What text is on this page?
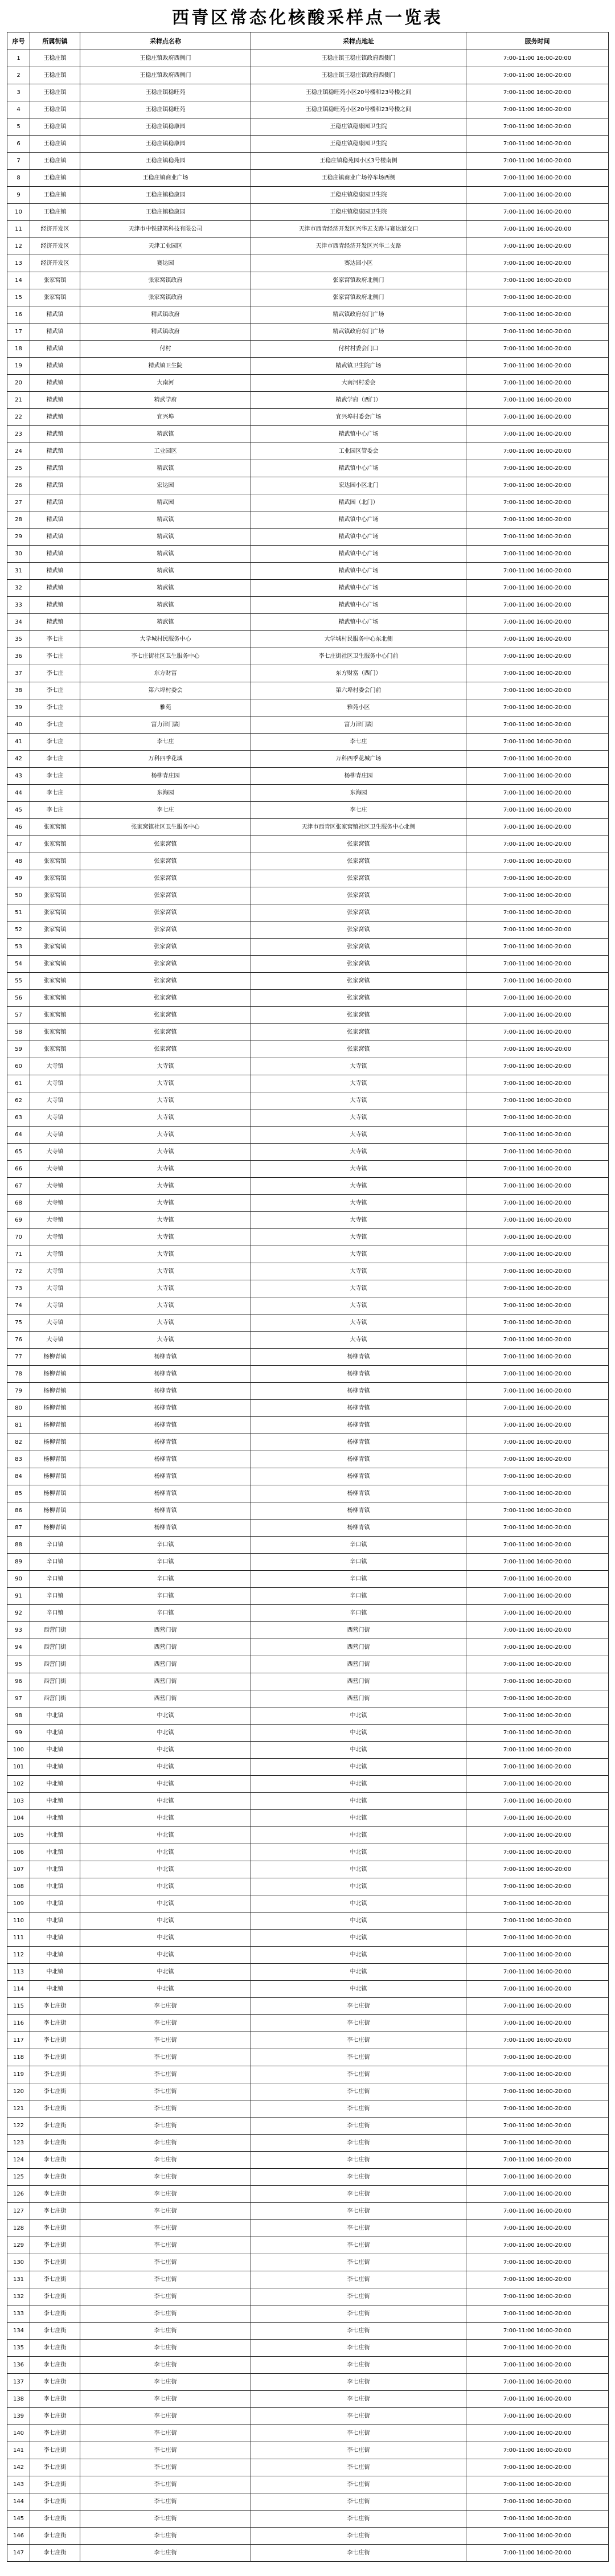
西青区常态化核酸采样点一览表
序号	所属街镇	采样点名称	采样点地址	服务时间
1	王稳庄镇	王稳庄镇政府西侧门	王稳庄镇王稳庄镇政府西侧门	7:00-11:00 16:00-20:00
2	王稳庄镇	王稳庄镇政府西侧门	王稳庄镇王稳庄镇政府西侧门	7:00-11:00 16:00-20:00
3	王稳庄镇	王稳庄镇稳旺苑	王稳庄镇稳旺苑小区20号楼和23号楼之间	7:00-11:00 16:00-20:00
4	王稳庄镇	王稳庄镇稳旺苑	王稳庄镇稳旺苑小区20号楼和23号楼之间	7:00-11:00 16:00-20:00
5	王稳庄镇	王稳庄镇稳康园	王稳庄镇稳康园卫生院	7:00-11:00 16:00-20:00
6	王稳庄镇	王稳庄镇稳康园	王稳庄镇稳康园卫生院	7:00-11:00 16:00-20:00
7	王稳庄镇	王稳庄镇稳苑园	王稳庄镇稳苑园小区3号楼南侧	7:00-11:00 16:00-20:00
8	王稳庄镇	王稳庄镇商业广场	王稳庄镇商业广场停车场西侧	7:00-11:00 16:00-20:00
9	王稳庄镇	王稳庄镇稳康园	王稳庄镇稳康园卫生院	7:00-11:00 16:00-20:00
10	王稳庄镇	王稳庄镇稳康园	王稳庄镇稳康园卫生院	7:00-11:00 16:00-20:00
11	经济开发区	天津市中铁建筑科技有限公司	天津市西青经济开发区兴华五支路与赛达道交口	7:00-11:00 16:00-20:00
12	经济开发区	天津工业园区	天津市西青经济开发区兴华二支路	7:00-11:00 16:00-20:00
13	经济开发区	赛达园	赛达园小区	7:00-11:00 16:00-20:00
14	张家窝镇	张家窝镇政府	张家窝镇政府北侧门	7:00-11:00 16:00-20:00
15	张家窝镇	张家窝镇政府	张家窝镇政府北侧门	7:00-11:00 16:00-20:00
16	精武镇	精武镇政府	精武镇政府东门广场	7:00-11:00 16:00-20:00
17	精武镇	精武镇政府	精武镇政府东门广场	7:00-11:00 16:00-20:00
18	精武镇	付村	付村村委会门口	7:00-11:00 16:00-20:00
19	精武镇	精武镇卫生院	精武镇卫生院广场	7:00-11:00 16:00-20:00
20	精武镇	大南河	大南河村委会	7:00-11:00 16:00-20:00
21	精武镇	精武学府	精武学府（西门）	7:00-11:00 16:00-20:00
22	精武镇	宜兴埠	宜兴埠村委会广场	7:00-11:00 16:00-20:00
23	精武镇	精武镇	精武镇中心广场	7:00-11:00 16:00-20:00
24	精武镇	工业园区	工业园区管委会	7:00-11:00 16:00-20:00
25	精武镇	精武镇	精武镇中心广场	7:00-11:00 16:00-20:00
26	精武镇	宏达园	宏达园小区北门	7:00-11:00 16:00-20:00
27	精武镇	精武园	精武园（北门）	7:00-11:00 16:00-20:00
28	精武镇	精武镇	精武镇中心广场	7:00-11:00 16:00-20:00
29	精武镇	精武镇	精武镇中心广场	7:00-11:00 16:00-20:00
30	精武镇	精武镇	精武镇中心广场	7:00-11:00 16:00-20:00
31	精武镇	精武镇	精武镇中心广场	7:00-11:00 16:00-20:00
32	精武镇	精武镇	精武镇中心广场	7:00-11:00 16:00-20:00
33	精武镇	精武镇	精武镇中心广场	7:00-11:00 16:00-20:00
34	精武镇	精武镇	精武镇中心广场	7:00-11:00 16:00-20:00
35	李七庄	大学城村民服务中心	大学城村民服务中心东北侧	7:00-11:00 16:00-20:00
36	李七庄	李七庄街社区卫生服务中心	李七庄街社区卫生服务中心门前	7:00-11:00 16:00-20:00
37	李七庄	东方财富	东方财富（西门）	7:00-11:00 16:00-20:00
38	李七庄	第六埠村委会	第六埠村委会门前	7:00-11:00 16:00-20:00
39	李七庄	雅苑	雅苑小区	7:00-11:00 16:00-20:00
40	李七庄	富力津门湖	富力津门湖	7:00-11:00 16:00-20:00
41	李七庄	李七庄	李七庄	7:00-11:00 16:00-20:00
42	李七庄	万科四季花城	万科四季花城广场	7:00-11:00 16:00-20:00
43	李七庄	杨柳青庄园	杨柳青庄园	7:00-11:00 16:00-20:00
44	李七庄	东海园	东海园	7:00-11:00 16:00-20:00
45	李七庄	李七庄	李七庄	7:00-11:00 16:00-20:00
46	张家窝镇	张家窝镇社区卫生服务中心	天津市西青区张家窝镇社区卫生服务中心北侧	7:00-11:00 16:00-20:00
47	张家窝镇	张家窝镇	张家窝镇	7:00-11:00 16:00-20:00
48	张家窝镇	张家窝镇	张家窝镇	7:00-11:00 16:00-20:00
49	张家窝镇	张家窝镇	张家窝镇	7:00-11:00 16:00-20:00
50	张家窝镇	张家窝镇	张家窝镇	7:00-11:00 16:00-20:00
51	张家窝镇	张家窝镇	张家窝镇	7:00-11:00 16:00-20:00
52	张家窝镇	张家窝镇	张家窝镇	7:00-11:00 16:00-20:00
53	张家窝镇	张家窝镇	张家窝镇	7:00-11:00 16:00-20:00
54	张家窝镇	张家窝镇	张家窝镇	7:00-11:00 16:00-20:00
55	张家窝镇	张家窝镇	张家窝镇	7:00-11:00 16:00-20:00
56	张家窝镇	张家窝镇	张家窝镇	7:00-11:00 16:00-20:00
57	张家窝镇	张家窝镇	张家窝镇	7:00-11:00 16:00-20:00
58	张家窝镇	张家窝镇	张家窝镇	7:00-11:00 16:00-20:00
59	张家窝镇	张家窝镇	张家窝镇	7:00-11:00 16:00-20:00
60	大寺镇	大寺镇	大寺镇	7:00-11:00 16:00-20:00
61	大寺镇	大寺镇	大寺镇	7:00-11:00 16:00-20:00
62	大寺镇	大寺镇	大寺镇	7:00-11:00 16:00-20:00
63	大寺镇	大寺镇	大寺镇	7:00-11:00 16:00-20:00
64	大寺镇	大寺镇	大寺镇	7:00-11:00 16:00-20:00
65	大寺镇	大寺镇	大寺镇	7:00-11:00 16:00-20:00
66	大寺镇	大寺镇	大寺镇	7:00-11:00 16:00-20:00
67	大寺镇	大寺镇	大寺镇	7:00-11:00 16:00-20:00
68	大寺镇	大寺镇	大寺镇	7:00-11:00 16:00-20:00
69	大寺镇	大寺镇	大寺镇	7:00-11:00 16:00-20:00
70	大寺镇	大寺镇	大寺镇	7:00-11:00 16:00-20:00
71	大寺镇	大寺镇	大寺镇	7:00-11:00 16:00-20:00
72	大寺镇	大寺镇	大寺镇	7:00-11:00 16:00-20:00
73	大寺镇	大寺镇	大寺镇	7:00-11:00 16:00-20:00
74	大寺镇	大寺镇	大寺镇	7:00-11:00 16:00-20:00
75	大寺镇	大寺镇	大寺镇	7:00-11:00 16:00-20:00
76	大寺镇	大寺镇	大寺镇	7:00-11:00 16:00-20:00
77	杨柳青镇	杨柳青镇	杨柳青镇	7:00-11:00 16:00-20:00
78	杨柳青镇	杨柳青镇	杨柳青镇	7:00-11:00 16:00-20:00
79	杨柳青镇	杨柳青镇	杨柳青镇	7:00-11:00 16:00-20:00
80	杨柳青镇	杨柳青镇	杨柳青镇	7:00-11:00 16:00-20:00
81	杨柳青镇	杨柳青镇	杨柳青镇	7:00-11:00 16:00-20:00
82	杨柳青镇	杨柳青镇	杨柳青镇	7:00-11:00 16:00-20:00
83	杨柳青镇	杨柳青镇	杨柳青镇	7:00-11:00 16:00-20:00
84	杨柳青镇	杨柳青镇	杨柳青镇	7:00-11:00 16:00-20:00
85	杨柳青镇	杨柳青镇	杨柳青镇	7:00-11:00 16:00-20:00
86	杨柳青镇	杨柳青镇	杨柳青镇	7:00-11:00 16:00-20:00
87	杨柳青镇	杨柳青镇	杨柳青镇	7:00-11:00 16:00-20:00
88	辛口镇	辛口镇	辛口镇	7:00-11:00 16:00-20:00
89	辛口镇	辛口镇	辛口镇	7:00-11:00 16:00-20:00
90	辛口镇	辛口镇	辛口镇	7:00-11:00 16:00-20:00
91	辛口镇	辛口镇	辛口镇	7:00-11:00 16:00-20:00
92	辛口镇	辛口镇	辛口镇	7:00-11:00 16:00-20:00
93	西营门街	西营门街	西营门街	7:00-11:00 16:00-20:00
94	西营门街	西营门街	西营门街	7:00-11:00 16:00-20:00
95	西营门街	西营门街	西营门街	7:00-11:00 16:00-20:00
96	西营门街	西营门街	西营门街	7:00-11:00 16:00-20:00
97	西营门街	西营门街	西营门街	7:00-11:00 16:00-20:00
98	中北镇	中北镇	中北镇	7:00-11:00 16:00-20:00
99	中北镇	中北镇	中北镇	7:00-11:00 16:00-20:00
100	中北镇	中北镇	中北镇	7:00-11:00 16:00-20:00
101	中北镇	中北镇	中北镇	7:00-11:00 16:00-20:00
102	中北镇	中北镇	中北镇	7:00-11:00 16:00-20:00
103	中北镇	中北镇	中北镇	7:00-11:00 16:00-20:00
104	中北镇	中北镇	中北镇	7:00-11:00 16:00-20:00
105	中北镇	中北镇	中北镇	7:00-11:00 16:00-20:00
106	中北镇	中北镇	中北镇	7:00-11:00 16:00-20:00
107	中北镇	中北镇	中北镇	7:00-11:00 16:00-20:00
108	中北镇	中北镇	中北镇	7:00-11:00 16:00-20:00
109	中北镇	中北镇	中北镇	7:00-11:00 16:00-20:00
110	中北镇	中北镇	中北镇	7:00-11:00 16:00-20:00
111	中北镇	中北镇	中北镇	7:00-11:00 16:00-20:00
112	中北镇	中北镇	中北镇	7:00-11:00 16:00-20:00
113	中北镇	中北镇	中北镇	7:00-11:00 16:00-20:00
114	中北镇	中北镇	中北镇	7:00-11:00 16:00-20:00
115	李七庄街	李七庄街	李七庄街	7:00-11:00 16:00-20:00
116	李七庄街	李七庄街	李七庄街	7:00-11:00 16:00-20:00
117	李七庄街	李七庄街	李七庄街	7:00-11:00 16:00-20:00
118	李七庄街	李七庄街	李七庄街	7:00-11:00 16:00-20:00
119	李七庄街	李七庄街	李七庄街	7:00-11:00 16:00-20:00
120	李七庄街	李七庄街	李七庄街	7:00-11:00 16:00-20:00
121	李七庄街	李七庄街	李七庄街	7:00-11:00 16:00-20:00
122	李七庄街	李七庄街	李七庄街	7:00-11:00 16:00-20:00
123	李七庄街	李七庄街	李七庄街	7:00-11:00 16:00-20:00
124	李七庄街	李七庄街	李七庄街	7:00-11:00 16:00-20:00
125	李七庄街	李七庄街	李七庄街	7:00-11:00 16:00-20:00
126	李七庄街	李七庄街	李七庄街	7:00-11:00 16:00-20:00
127	李七庄街	李七庄街	李七庄街	7:00-11:00 16:00-20:00
128	李七庄街	李七庄街	李七庄街	7:00-11:00 16:00-20:00
129	李七庄街	李七庄街	李七庄街	7:00-11:00 16:00-20:00
130	李七庄街	李七庄街	李七庄街	7:00-11:00 16:00-20:00
131	李七庄街	李七庄街	李七庄街	7:00-11:00 16:00-20:00
132	李七庄街	李七庄街	李七庄街	7:00-11:00 16:00-20:00
133	李七庄街	李七庄街	李七庄街	7:00-11:00 16:00-20:00
134	李七庄街	李七庄街	李七庄街	7:00-11:00 16:00-20:00
135	李七庄街	李七庄街	李七庄街	7:00-11:00 16:00-20:00
136	李七庄街	李七庄街	李七庄街	7:00-11:00 16:00-20:00
137	李七庄街	李七庄街	李七庄街	7:00-11:00 16:00-20:00
138	李七庄街	李七庄街	李七庄街	7:00-11:00 16:00-20:00
139	李七庄街	李七庄街	李七庄街	7:00-11:00 16:00-20:00
140	李七庄街	李七庄街	李七庄街	7:00-11:00 16:00-20:00
141	李七庄街	李七庄街	李七庄街	7:00-11:00 16:00-20:00
142	李七庄街	李七庄街	李七庄街	7:00-11:00 16:00-20:00
143	李七庄街	李七庄街	李七庄街	7:00-11:00 16:00-20:00
144	李七庄街	李七庄街	李七庄街	7:00-11:00 16:00-20:00
145	李七庄街	李七庄街	李七庄街	7:00-11:00 16:00-20:00
146	李七庄街	李七庄街	李七庄街	7:00-11:00 16:00-20:00
147	李七庄街	李七庄街	李七庄街	7:00-11:00 16:00-20:00
